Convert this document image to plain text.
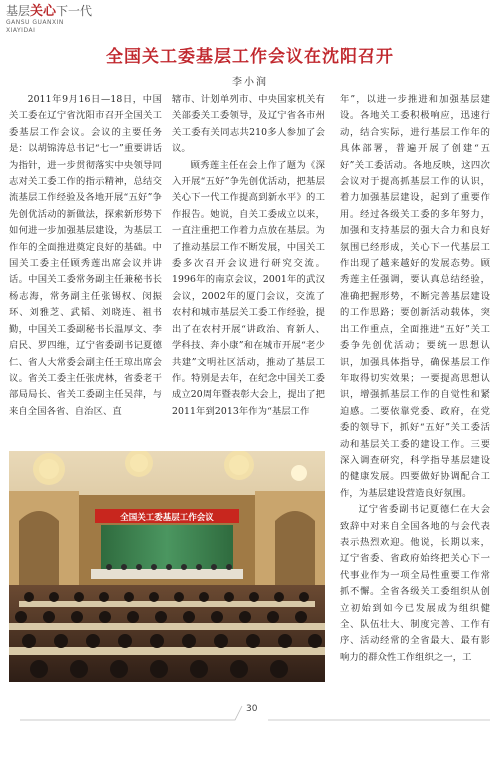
基层关心下一代
GANSU GUANXIN
XIAYIDAI
全国关工委基层工作会议在沈阳召开
李小润

2011年9月16日—18日，中国关工委在辽宁省沈阳市召开全国关工委基层工作会议。会议的主要任务是：以胡锦涛总书记“七一”重要讲话为指针，进一步贯彻落实中央领导同志对关工委工作的指示精神，总结交流基层工作经验及各地开展“五好”争先创优活动的新做法，探索新形势下如何进一步加强基层建设，为基层工作年的全面推进奠定良好的基础。中国关工委主任顾秀莲出席会议并讲话。中国关工委常务副主任兼秘书长杨志海，常务副主任张锡权、闵振环、刘雅芝、武韬、刘晓连、祖书勤，中国关工委副秘书长温厚文、李启民、罗四维，辽宁省委副书记夏德仁、省人大常委会副主任王琼出席会议。省关工委主任张虎林，省委老干部局局长、省关工委副主任吴萍，与来自全国各省、自治区、直

辖市、计划单列市、中央国家机关有关部委关工委领导，及辽宁省各市州关工委有关同志共210多人参加了会议。

顾秀莲主任在会上作了题为《深入开展“五好”争先创优活动，把基层关心下一代工作提高到新水平》的工作报告。她说，自关工委成立以来，一直注重把工作着力点放在基层。为了推动基层工作不断发展，中国关工委多次召开会议进行研究交流。1996年的南京会议，2001年的武汉会议，2002年的厦门会议，交流了农村和城市基层关工委工作经验，提出了在农村开展“讲政治、育新人、学科技、奔小康”和在城市开展“老少共建”文明社区活动，推动了基层工作。特别是去年，在纪念中国关工委成立20周年暨表彰大会上，提出了把2011年到2013年作为“基层工作

年”，以进一步推进和加强基层建设。各地关工委积极响应，迅速行动，结合实际，进行基层工作年的具体部署，普遍开展了创建“五好”关工委活动。各地反映，这四次会议对于提高抓基层工作的认识，着力加强基层建设，起到了重要作用。经过各级关工委的多年努力，加强和支持基层的强大合力和良好氛围已经形成，关心下一代基层工作出现了越来越好的发展态势。顾秀莲主任强调，要认真总结经验，准确把握形势，不断完善基层建设的工作思路；要创新活动载体，突出工作重点，全面推进“五好”关工委争先创优活动；要统一思想认识，加强具体指导，确保基层工作年取得切实效果；一要提高思想认识，增强抓基层工作的自觉性和紧迫感。二要依靠党委、政府，在党委的领导下，抓好“五好”关工委活动和基层关工委的建设工作。三要深入调查研究，科学指导基层建设的健康发展。四要做好协调配合工作，为基层建设营造良好氛围。

辽宁省委副书记夏德仁在大会致辞中对来自全国各地的与会代表表示热烈欢迎。他说，长期以来，辽宁省委、省政府始终把关心下一代事业作为一项全局性重要工作常抓不懈。全省各级关工委组织从创立初始到如今已发展成为组织健全、队伍壮大、制度完善、工作有序、活动经常的全省最大、最有影响力的群众性工作组织之一，工

全国关工委基层工作会议
30
